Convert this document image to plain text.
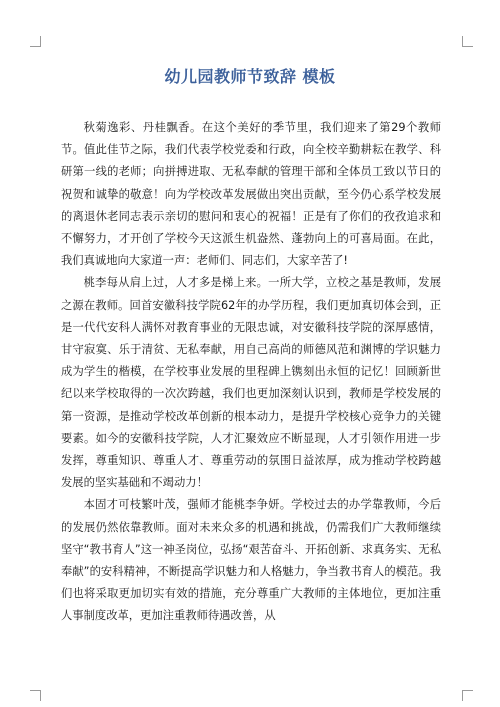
幼儿园教师节致辞 模板

秋菊逸彩、丹桂飘香。在这个美好的季节里，我们迎来了第29个教师节。值此佳节之际，我们代表学校党委和行政，向全校辛勤耕耘在教学、科研第一线的老师；向拼搏进取、无私奉献的管理干部和全体员工致以节日的祝贺和诚挚的敬意！向为学校改革发展做出突出贡献，至今仍心系学校发展的离退休老同志表示亲切的慰问和衷心的祝福！正是有了你们的孜孜追求和不懈努力，才开创了学校今天这派生机盎然、蓬勃向上的可喜局面。在此，我们真诚地向大家道一声：老师们、同志们，大家辛苦了!

桃李每从肩上过，人才多是梯上来。一所大学，立校之基是教师，发展之源在教师。回首安徽科技学院62年的办学历程，我们更加真切体会到，正是一代代安科人满怀对教育事业的无限忠诚，对安徽科技学院的深厚感情，甘守寂寞、乐于清贫、无私奉献，用自己高尚的师德风范和渊博的学识魅力成为学生的楷模，在学校事业发展的里程碑上镌刻出永恒的记忆！回顾新世纪以来学校取得的一次次跨越，我们也更加深刻认识到，教师是学校发展的第一资源，是推动学校改革创新的根本动力，是提升学校核心竞争力的关键要素。如今的安徽科技学院，人才汇聚效应不断显现，人才引领作用进一步发挥，尊重知识、尊重人才、尊重劳动的氛围日益浓厚，成为推动学校跨越发展的坚实基础和不竭动力！

本固才可枝繁叶茂，强师才能桃李争妍。学校过去的办学靠教师，今后的发展仍然依靠教师。面对未来众多的机遇和挑战，仍需我们广大教师继续坚守“教书育人”这一神圣岗位，弘扬“艰苦奋斗、开拓创新、求真务实、无私奉献”的安科精神，不断提高学识魅力和人格魅力，争当教书育人的模范。我们也将采取更加切实有效的措施，充分尊重广大教师的主体地位，更加注重人事制度改革，更加注重教师待遇改善，从
